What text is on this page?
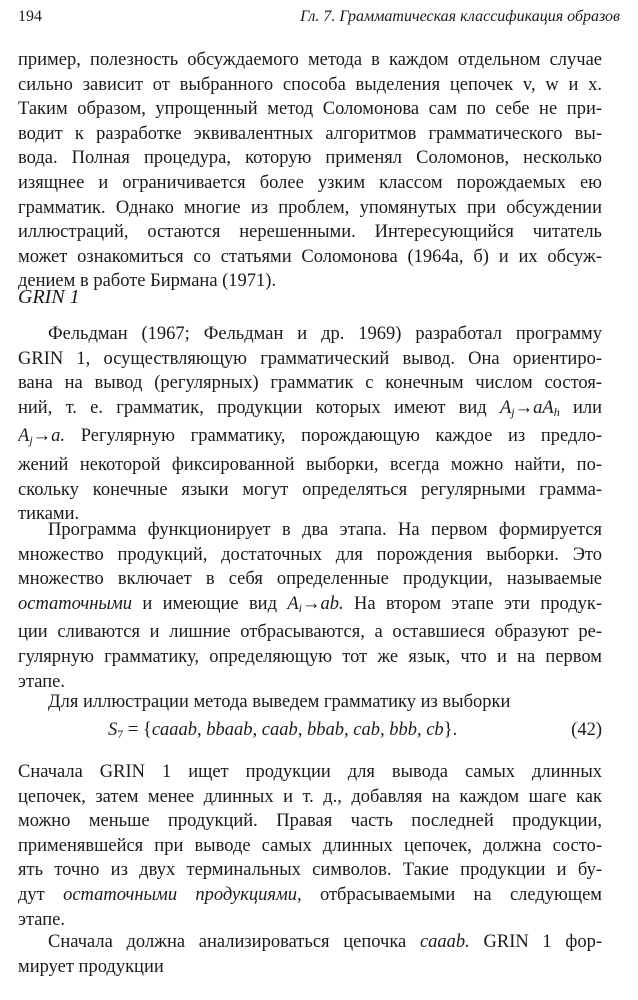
194	Гл. 7. Грамматическая классификация образов
пример, полезность обсуждаемого метода в каждом отдельном случае
сильно зависит от выбранного способа выделения цепочек v, w и x.
Таким образом, упрощенный метод Соломонова сам по себе не при-
водит к разработке эквивалентных алгоритмов грамматического вы-
вода. Полная процедура, которую применял Соломонов, несколько
изящнее и ограничивается более узким классом порождаемых ею
грамматик. Однако многие из проблем, упомянутых при обсуждении
иллюстраций, остаются нерешенными. Интересующийся читатель
может ознакомиться со статьями Соломонова (1964а, б) и их обсуж-
дением в работе Бирмана (1971).
GRIN 1
Фельдман (1967; Фельдман и др. 1969) разработал программу
GRIN 1, осуществляющую грамматический вывод. Она ориентиро-
вана на вывод (регулярных) грамматик с конечным числом состоя-
ний, т. е. грамматик, продукции которых имеют вид $A_j\to aA_h$ или
$A_j\to a$. Регулярную грамматику, порождающую каждое из предло-
жений некоторой фиксированной выборки, всегда можно найти, по-
скольку конечные языки могут определяться регулярными грамма-
тиками.
Программа функционирует в два этапа. На первом формируется
множество продукций, достаточных для порождения выборки. Это
множество включает в себя определенные продукции, называемые
остаточными и имеющие вид $A_i\to ab$. На втором этапе эти продук-
ции сливаются и лишние отбрасываются, а оставшиеся образуют ре-
гулярную грамматику, определяющую тот же язык, что и на первом
этапе.
Для иллюстрации метода выведем грамматику из выборки
$S_7$ = {caaab, bbaab, caab, bbab, cab, bbb, cb}.	(42)
Сначала GRIN 1 ищет продукции для вывода самых длинных
цепочек, затем менее длинных и т. д., добавляя на каждом шаге как
можно меньше продукций. Правая часть последней продукции,
применявшейся при выводе самых длинных цепочек, должна состо-
ять точно из двух терминальных символов. Такие продукции и бу-
дут остаточными продукциями, отбрасываемыми на следующем
этапе.
Сначала должна анализироваться цепочка caaab. GRIN 1 фор-
мирует продукции
